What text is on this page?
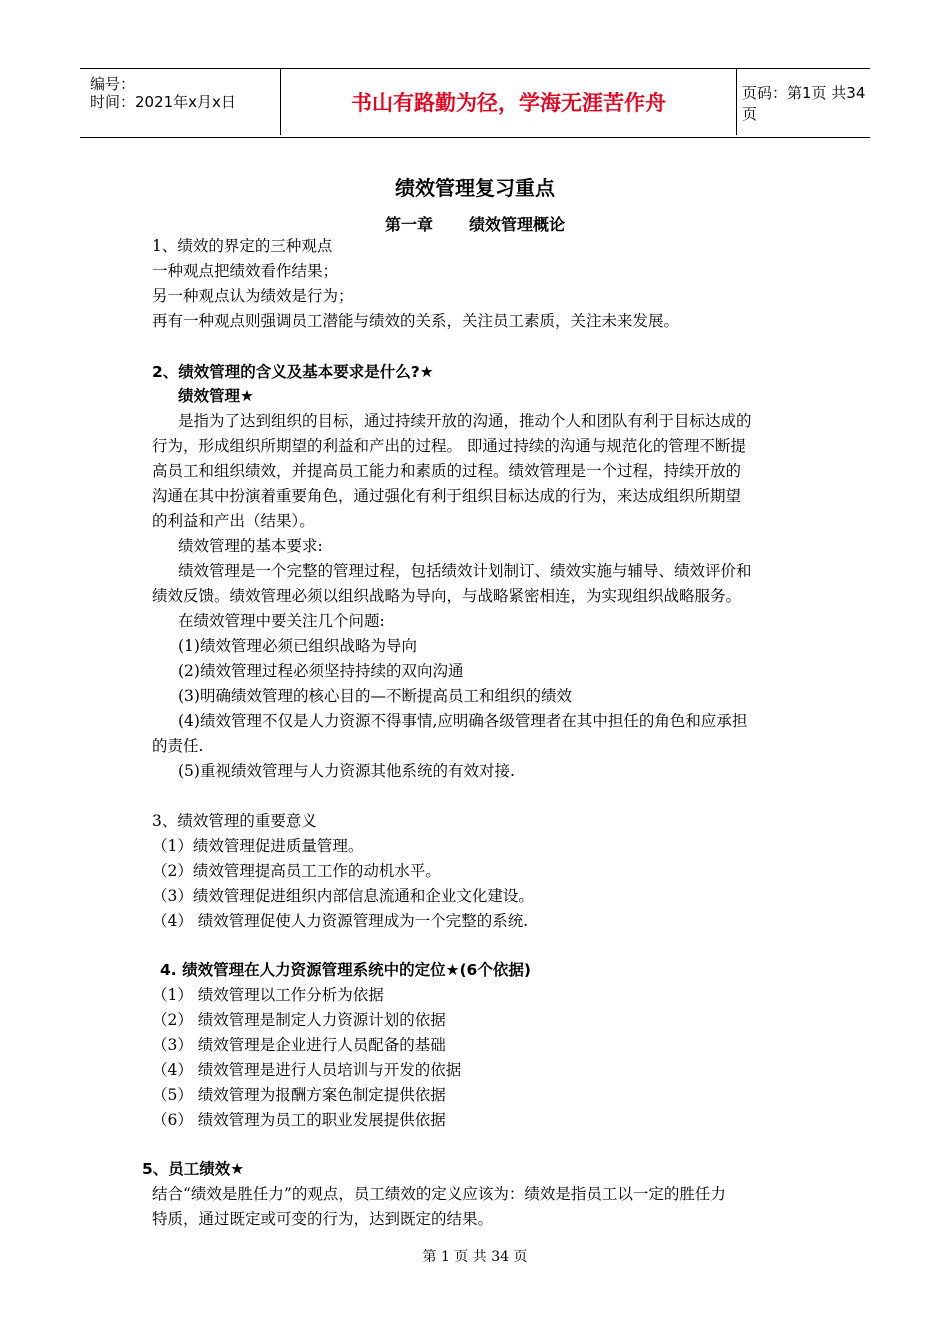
编号：
时间：2021年x月x日	书山有路勤为径，学海无涯苦作舟	页码：第1页 共34页
绩效管理复习重点
第一章 绩效管理概论
1、绩效的界定的三种观点
一种观点把绩效看作结果；
另一种观点认为绩效是行为；
再有一种观点则强调员工潜能与绩效的关系，关注员工素质，关注未来发展。
2、绩效管理的含义及基本要求是什么?★
绩效管理★
是指为了达到组织的目标，通过持续开放的沟通，推动个人和团队有利于目标达成的
行为，形成组织所期望的利益和产出的过程。 即通过持续的沟通与规范化的管理不断提
高员工和组织绩效，并提高员工能力和素质的过程。绩效管理是一个过程，持续开放的
沟通在其中扮演着重要角色，通过强化有利于组织目标达成的行为，来达成组织所期望
的利益和产出（结果）。
绩效管理的基本要求:
绩效管理是一个完整的管理过程，包括绩效计划制订、绩效实施与辅导、绩效评价和
绩效反馈。绩效管理必须以组织战略为导向，与战略紧密相连，为实现组织战略服务。
在绩效管理中要关注几个问题:
(1)绩效管理必须已组织战略为导向
(2)绩效管理过程必须坚持持续的双向沟通
(3)明确绩效管理的核心目的—不断提高员工和组织的绩效
(4)绩效管理不仅是人力资源不得事情,应明确各级管理者在其中担任的角色和应承担
的责任.
(5)重视绩效管理与人力资源其他系统的有效对接.
3、绩效管理的重要意义
（1）绩效管理促进质量管理。
（2）绩效管理提高员工工作的动机水平。
（3）绩效管理促进组织内部信息流通和企业文化建设。
（4） 绩效管理促使人力资源管理成为一个完整的系统.
4. 绩效管理在人力资源管理系统中的定位★(6个依据)
（1） 绩效管理以工作分析为依据
（2） 绩效管理是制定人力资源计划的依据
（3） 绩效管理是企业进行人员配备的基础
（4） 绩效管理是进行人员培训与开发的依据
（5） 绩效管理为报酬方案色制定提供依据
（6） 绩效管理为员工的职业发展提供依据
5、员工绩效★
结合“绩效是胜任力”的观点，员工绩效的定义应该为：绩效是指员工以一定的胜任力
特质，通过既定或可变的行为，达到既定的结果。
第 1 页 共 34 页
